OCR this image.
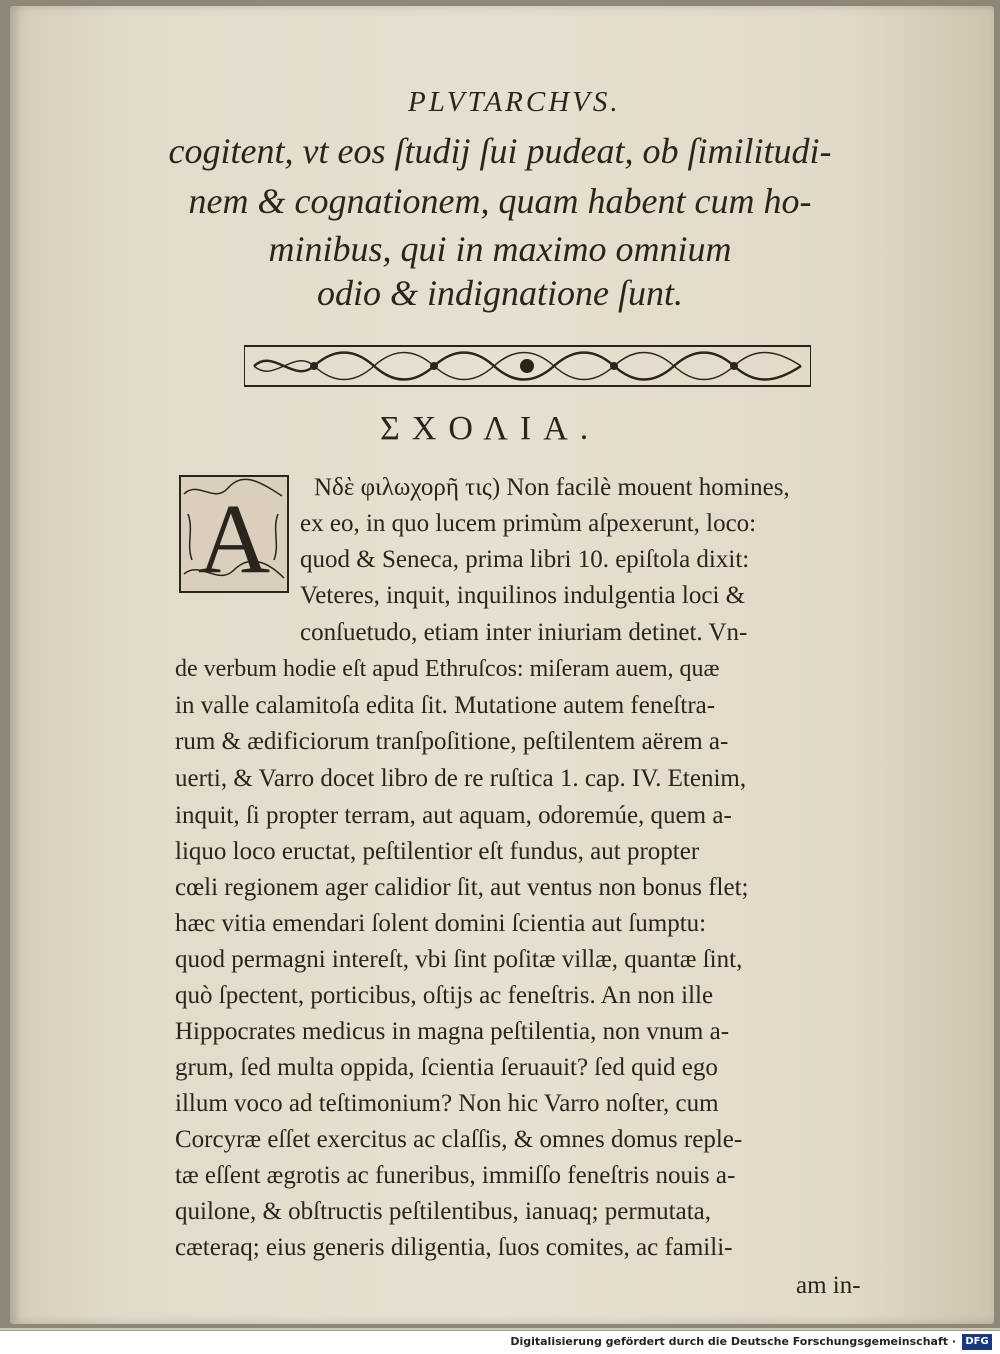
PLVTARCHVS.
cogitent, vt eos ſtudij ſui pudeat, ob ſimilitudi-
nem & cognationem, quam habent cum ho-
minibus, qui in maximo omnium
odio & indignatione ſunt.
ΣΧΟΛΙΑ.
A Νδὲ φιλωχορῆ τις) Non facilè mouent homines,
ex eo, in quo lucem primùm aſpexerunt, loco:
quod & Seneca, prima libri 10. epiſtola dixit:
Veteres, inquit, inquilinos indulgentia loci &
conſuetudo, etiam inter iniuriam detinet. Vn-
de verbum hodie eſt apud Ethruſcos: miſeram auem, quæ
in valle calamitoſa edita ſit. Mutatione autem feneſtra-
rum & ædificiorum tranſpoſitione, peſtilentem aërem a-
uerti, & Varro docet libro de re ruſtica 1. cap. IV. Etenim,
inquit, ſi propter terram, aut aquam, odoremúe, quem a-
liquo loco eructat, peſtilentior eſt fundus, aut propter
cœli regionem ager calidior ſit, aut ventus non bonus flet;
hæc vitia emendari ſolent domini ſcientia aut ſumptu:
quod permagni intereſt, vbi ſint poſitæ villæ, quantæ ſint,
quò ſpectent, porticibus, oſtijs ac feneſtris. An non ille
Hippocrates medicus in magna peſtilentia, non vnum a-
grum, ſed multa oppida, ſcientia ſeruauit? ſed quid ego
illum voco ad teſtimonium? Non hic Varro noſter, cum
Corcyræ eſſet exercitus ac claſſis, & omnes domus reple-
tæ eſſent ægrotis ac funeribus, immiſſo feneſtris nouis a-
quilone, & obſtructis peſtilentibus, ianuaq; permutata,
cæteraq; eius generis diligentia, ſuos comites, ac famili-
am in-
Digitalisierung gefördert durch die Deutsche Forschungsgemeinschaft · DFG
